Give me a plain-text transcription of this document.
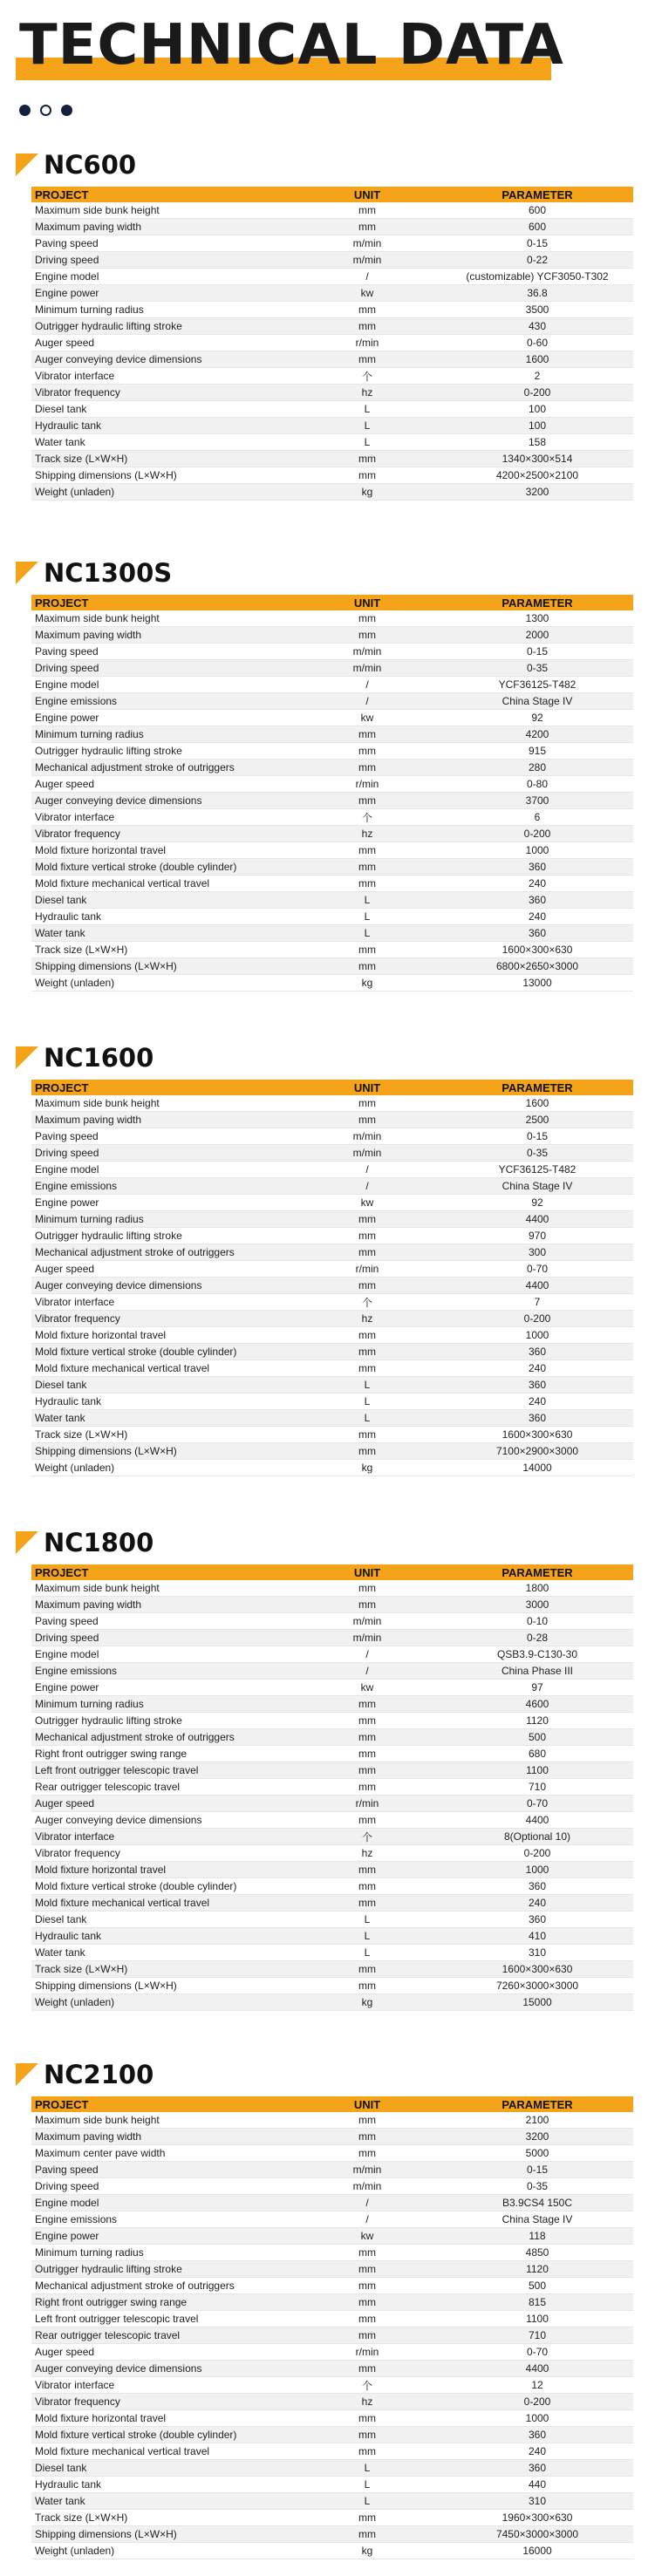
TECHNICAL DATA
NC600
PROJECT	UNIT	PARAMETER
Maximum side bunk height	mm	600
Maximum paving width	mm	600
Paving speed	m/min	0-15
Driving speed	m/min	0-22
Engine model	/	(customizable) YCF3050-T302
Engine power	kw	36.8
Minimum turning radius	mm	3500
Outrigger hydraulic lifting stroke	mm	430
Auger speed	r/min	0-60
Auger conveying device dimensions	mm	1600
Vibrator interface	个	2
Vibrator frequency	hz	0-200
Diesel tank	L	100
Hydraulic tank	L	100
Water tank	L	158
Track size (L×W×H)	mm	1340×300×514
Shipping dimensions (L×W×H)	mm	4200×2500×2100
Weight (unladen)	kg	3200
NC1300S
PROJECT	UNIT	PARAMETER
Maximum side bunk height	mm	1300
Maximum paving width	mm	2000
Paving speed	m/min	0-15
Driving speed	m/min	0-35
Engine model	/	YCF36125-T482
Engine emissions	/	China Stage IV
Engine power	kw	92
Minimum turning radius	mm	4200
Outrigger hydraulic lifting stroke	mm	915
Mechanical adjustment stroke of outriggers	mm	280
Auger speed	r/min	0-80
Auger conveying device dimensions	mm	3700
Vibrator interface	个	6
Vibrator frequency	hz	0-200
Mold fixture horizontal travel	mm	1000
Mold fixture vertical stroke (double cylinder)	mm	360
Mold fixture mechanical vertical travel	mm	240
Diesel tank	L	360
Hydraulic tank	L	240
Water tank	L	360
Track size (L×W×H)	mm	1600×300×630
Shipping dimensions (L×W×H)	mm	6800×2650×3000
Weight (unladen)	kg	13000
NC1600
PROJECT	UNIT	PARAMETER
Maximum side bunk height	mm	1600
Maximum paving width	mm	2500
Paving speed	m/min	0-15
Driving speed	m/min	0-35
Engine model	/	YCF36125-T482
Engine emissions	/	China Stage IV
Engine power	kw	92
Minimum turning radius	mm	4400
Outrigger hydraulic lifting stroke	mm	970
Mechanical adjustment stroke of outriggers	mm	300
Auger speed	r/min	0-70
Auger conveying device dimensions	mm	4400
Vibrator interface	个	7
Vibrator frequency	hz	0-200
Mold fixture horizontal travel	mm	1000
Mold fixture vertical stroke (double cylinder)	mm	360
Mold fixture mechanical vertical travel	mm	240
Diesel tank	L	360
Hydraulic tank	L	240
Water tank	L	360
Track size (L×W×H)	mm	1600×300×630
Shipping dimensions (L×W×H)	mm	7100×2900×3000
Weight (unladen)	kg	14000
NC1800
PROJECT	UNIT	PARAMETER
Maximum side bunk height	mm	1800
Maximum paving width	mm	3000
Paving speed	m/min	0-10
Driving speed	m/min	0-28
Engine model	/	QSB3.9-C130-30
Engine emissions	/	China Phase III
Engine power	kw	97
Minimum turning radius	mm	4600
Outrigger hydraulic lifting stroke	mm	1120
Mechanical adjustment stroke of outriggers	mm	500
Right front outrigger swing range	mm	680
Left front outrigger telescopic travel	mm	1100
Rear outrigger telescopic travel	mm	710
Auger speed	r/min	0-70
Auger conveying device dimensions	mm	4400
Vibrator interface	个	8(Optional 10)
Vibrator frequency	hz	0-200
Mold fixture horizontal travel	mm	1000
Mold fixture vertical stroke (double cylinder)	mm	360
Mold fixture mechanical vertical travel	mm	240
Diesel tank	L	360
Hydraulic tank	L	410
Water tank	L	310
Track size (L×W×H)	mm	1600×300×630
Shipping dimensions (L×W×H)	mm	7260×3000×3000
Weight (unladen)	kg	15000
NC2100
PROJECT	UNIT	PARAMETER
Maximum side bunk height	mm	2100
Maximum paving width	mm	3200
Maximum center pave width	mm	5000
Paving speed	m/min	0-15
Driving speed	m/min	0-35
Engine model	/	B3.9CS4 150C
Engine emissions	/	China Stage IV
Engine power	kw	118
Minimum turning radius	mm	4850
Outrigger hydraulic lifting stroke	mm	1120
Mechanical adjustment stroke of outriggers	mm	500
Right front outrigger swing range	mm	815
Left front outrigger telescopic travel	mm	1100
Rear outrigger telescopic travel	mm	710
Auger speed	r/min	0-70
Auger conveying device dimensions	mm	4400
Vibrator interface	个	12
Vibrator frequency	hz	0-200
Mold fixture horizontal travel	mm	1000
Mold fixture vertical stroke (double cylinder)	mm	360
Mold fixture mechanical vertical travel	mm	240
Diesel tank	L	360
Hydraulic tank	L	440
Water tank	L	310
Track size (L×W×H)	mm	1960×300×630
Shipping dimensions (L×W×H)	mm	7450×3000×3000
Weight (unladen)	kg	16000
